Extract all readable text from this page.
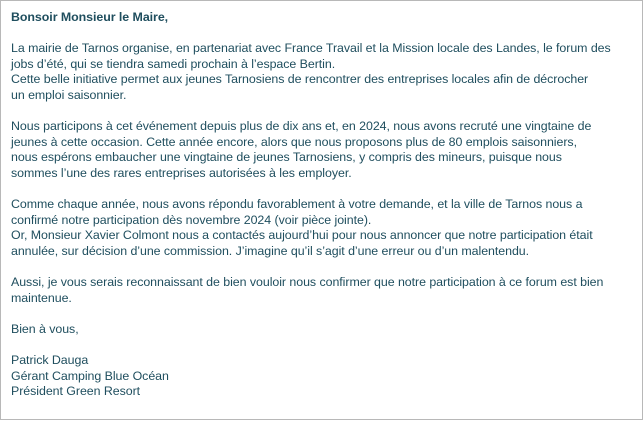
Bonsoir Monsieur le Maire,

La mairie de Tarnos organise, en partenariat avec France Travail et la Mission locale des Landes, le forum des

jobs d’été, qui se tiendra samedi prochain à l’espace Bertin.

Cette belle initiative permet aux jeunes Tarnosiens de rencontrer des entreprises locales afin de décrocher

un emploi saisonnier.

Nous participons à cet événement depuis plus de dix ans et, en 2024, nous avons recruté une vingtaine de

jeunes à cette occasion. Cette année encore, alors que nous proposons plus de 80 emplois saisonniers,

nous espérons embaucher une vingtaine de jeunes Tarnosiens, y compris des mineurs, puisque nous

sommes l’une des rares entreprises autorisées à les employer.

Comme chaque année, nous avons répondu favorablement à votre demande, et la ville de Tarnos nous a

confirmé notre participation dès novembre 2024 (voir pièce jointe).

Or, Monsieur Xavier Colmont nous a contactés aujourd’hui pour nous annoncer que notre participation était

annulée, sur décision d’une commission. J’imagine qu’il s’agit d’une erreur ou d’un malentendu.

Aussi, je vous serais reconnaissant de bien vouloir nous confirmer que notre participation à ce forum est bien

maintenue.

Bien à vous,

Patrick Dauga

Gérant Camping Blue Océan

Président Green Resort
